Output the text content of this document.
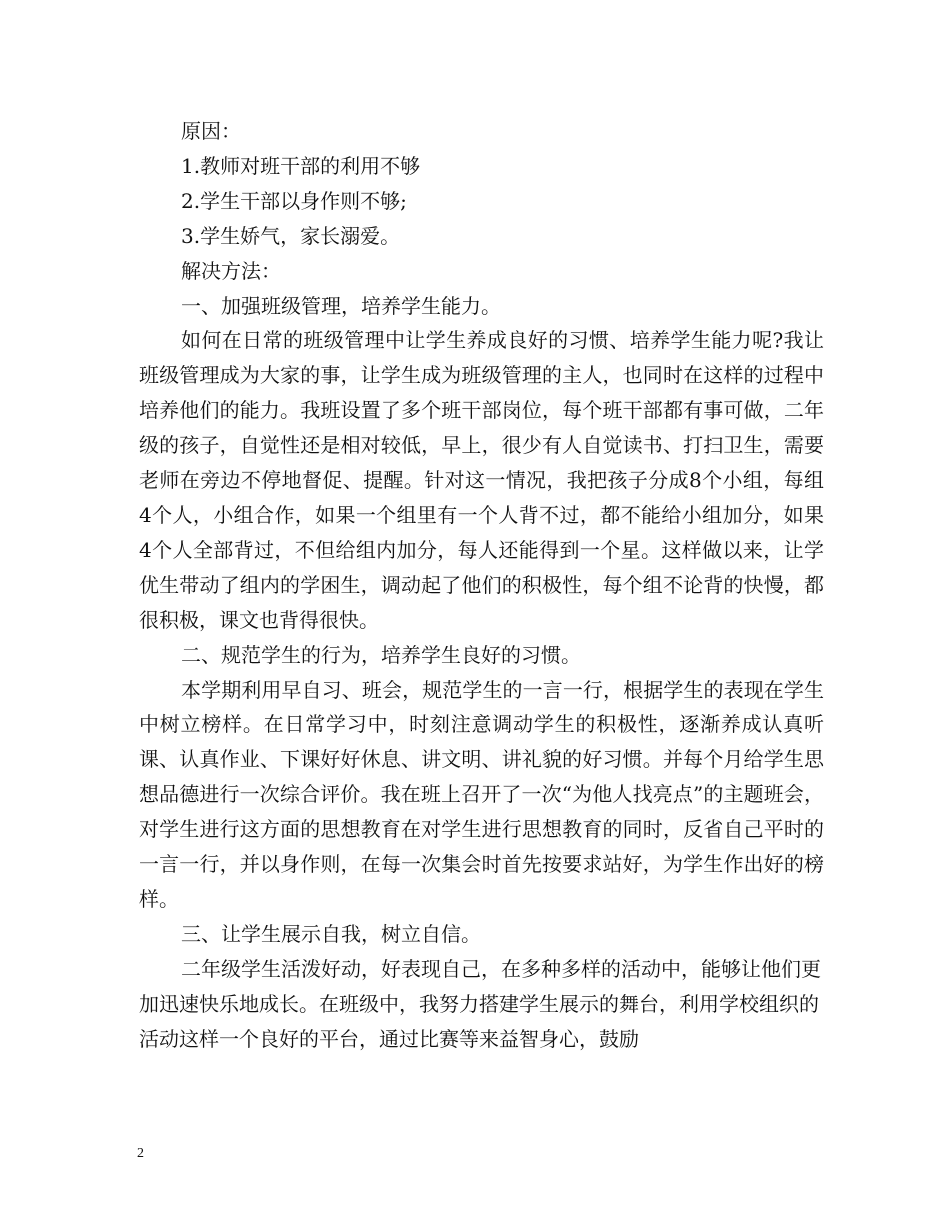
原因：

1.教师对班干部的利用不够

2.学生干部以身作则不够;

3.学生娇气，家长溺爱。

解决方法：

一、加强班级管理，培养学生能力。

如何在日常的班级管理中让学生养成良好的习惯、培养学生能力呢?我让班级管理成为大家的事，让学生成为班级管理的主人，也同时在这样的过程中培养他们的能力。我班设置了多个班干部岗位，每个班干部都有事可做，二年级的孩子，自觉性还是相对较低，早上，很少有人自觉读书、打扫卫生，需要老师在旁边不停地督促、提醒。针对这一情况，我把孩子分成8个小组，每组4个人，小组合作，如果一个组里有一个人背不过，都不能给小组加分，如果4个人全部背过，不但给组内加分，每人还能得到一个星。这样做以来，让学优生带动了组内的学困生，调动起了他们的积极性，每个组不论背的快慢，都很积极，课文也背得很快。

二、规范学生的行为，培养学生良好的习惯。

本学期利用早自习、班会，规范学生的一言一行，根据学生的表现在学生中树立榜样。在日常学习中，时刻注意调动学生的积极性，逐渐养成认真听课、认真作业、下课好好休息、讲文明、讲礼貌的好习惯。并每个月给学生思想品德进行一次综合评价。我在班上召开了一次“为他人找亮点”的主题班会，对学生进行这方面的思想教育在对学生进行思想教育的同时，反省自己平时的一言一行，并以身作则，在每一次集会时首先按要求站好，为学生作出好的榜样。

三、让学生展示自我，树立自信。

二年级学生活泼好动，好表现自己，在多种多样的活动中，能够让他们更加迅速快乐地成长。在班级中，我努力搭建学生展示的舞台，利用学校组织的活动这样一个良好的平台，通过比赛等来益智身心，鼓励

2
